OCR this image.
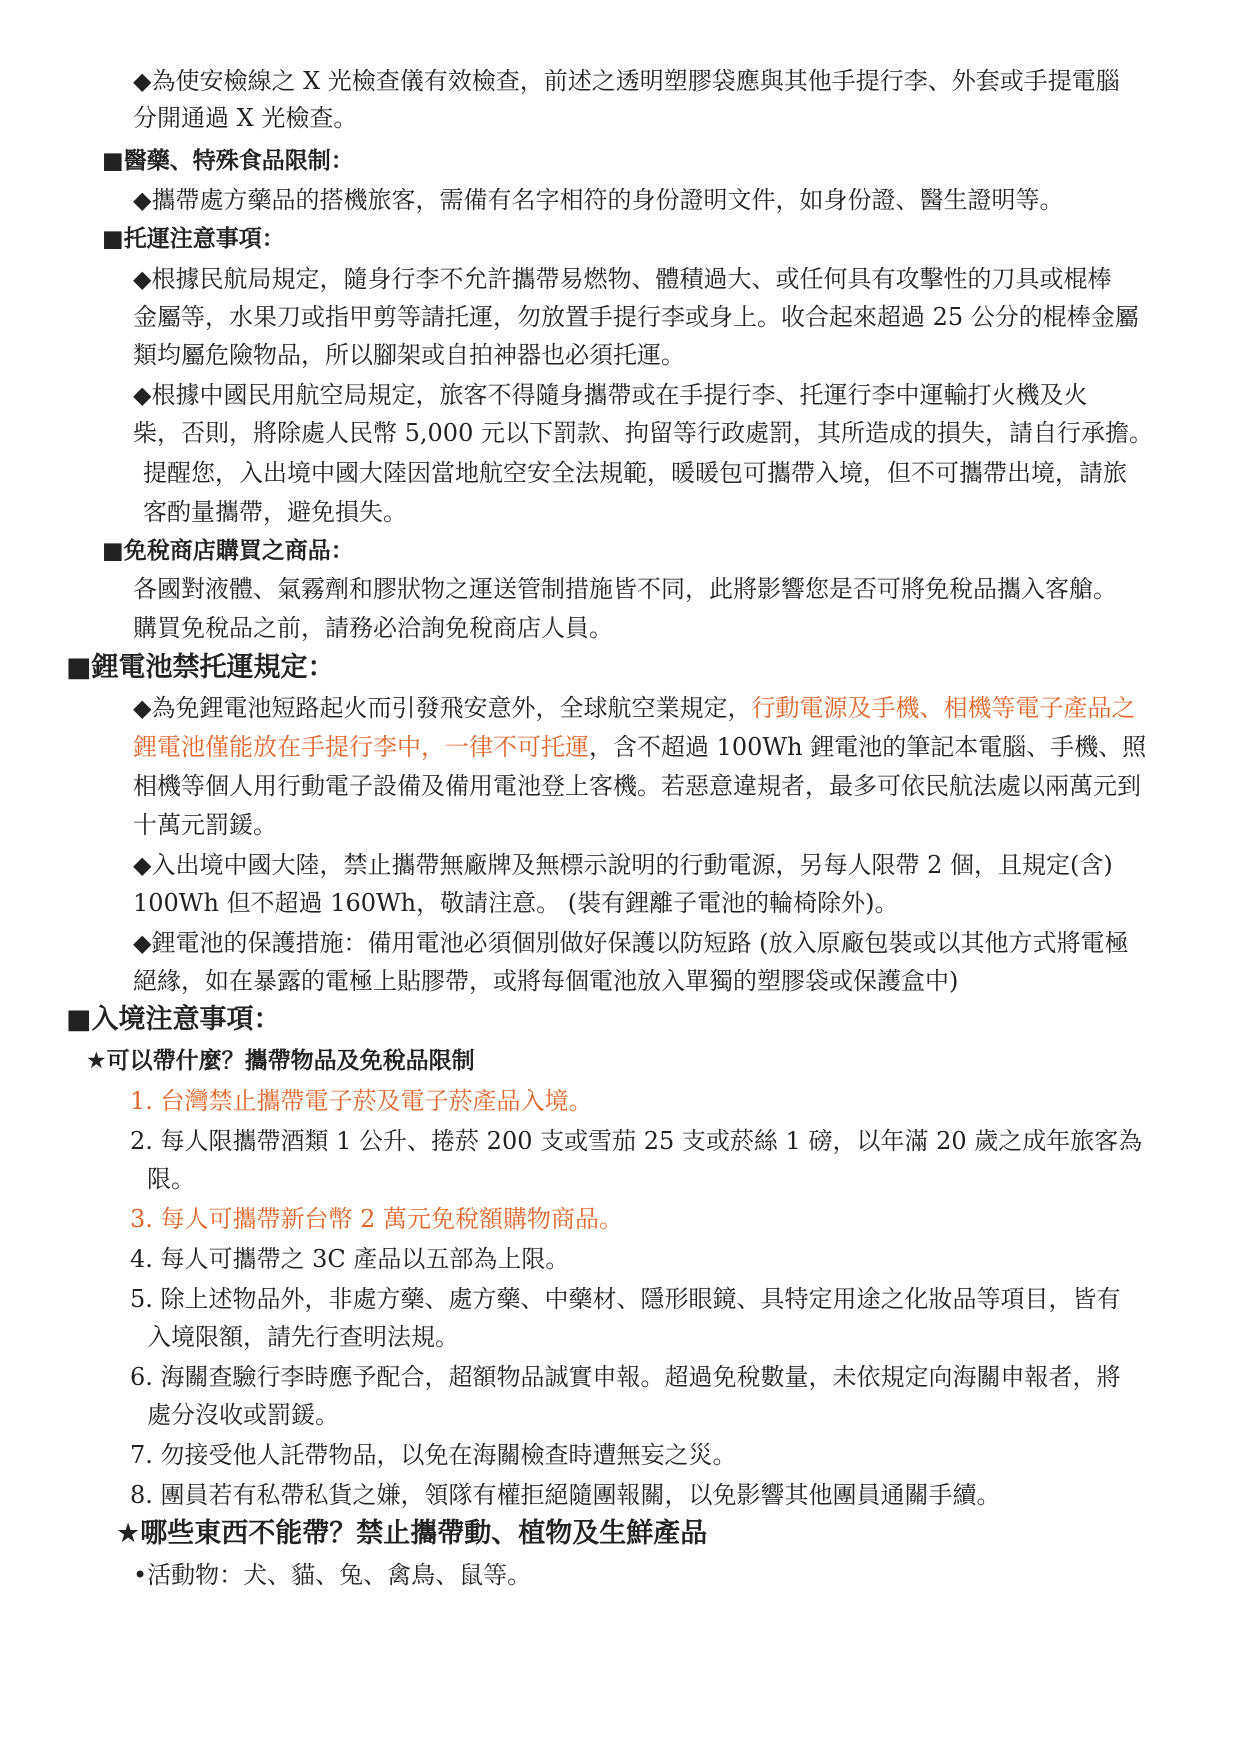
◆為使安檢線之 X 光檢查儀有效檢查，前述之透明塑膠袋應與其他手提行李、外套或手提電腦
分開通過 X 光檢查。
■醫藥、特殊食品限制：
◆攜帶處方藥品的搭機旅客，需備有名字相符的身份證明文件，如身份證、醫生證明等。
■托運注意事項：
◆根據民航局規定，隨身行李不允許攜帶易燃物、體積過大、或任何具有攻擊性的刀具或棍棒
金屬等，水果刀或指甲剪等請托運，勿放置手提行李或身上。收合起來超過 25 公分的棍棒金屬
類均屬危險物品，所以腳架或自拍神器也必須托運。
◆根據中國民用航空局規定，旅客不得隨身攜帶或在手提行李、托運行李中運輸打火機及火
柴，否則，將除處人民幣 5,000 元以下罰款、拘留等行政處罰，其所造成的損失，請自行承擔。
提醒您，入出境中國大陸因當地航空安全法規範，暖暖包可攜帶入境，但不可攜帶出境，請旅
客酌量攜帶，避免損失。
■免稅商店購買之商品：
各國對液體、氣霧劑和膠狀物之運送管制措施皆不同，此將影響您是否可將免稅品攜入客艙。
購買免稅品之前，請務必洽詢免稅商店人員。
■鋰電池禁托運規定：
◆為免鋰電池短路起火而引發飛安意外，全球航空業規定，行動電源及手機、相機等電子產品之
鋰電池僅能放在手提行李中，一律不可托運，含不超過 100Wh 鋰電池的筆記本電腦、手機、照
相機等個人用行動電子設備及備用電池登上客機。若惡意違規者，最多可依民航法處以兩萬元到
十萬元罰鍰。
◆入出境中國大陸，禁止攜帶無廠牌及無標示說明的行動電源，另每人限帶 2 個，且規定(含)
100Wh 但不超過 160Wh，敬請注意。 (裝有鋰離子電池的輪椅除外)。
◆鋰電池的保護措施：備用電池必須個別做好保護以防短路 (放入原廠包裝或以其他方式將電極
絕緣，如在暴露的電極上貼膠帶，或將每個電池放入單獨的塑膠袋或保護盒中)
■入境注意事項：
★可以帶什麼？攜帶物品及免稅品限制
1. 台灣禁止攜帶電子菸及電子菸產品入境。
2. 每人限攜帶酒類 1 公升、捲菸 200 支或雪茄 25 支或菸絲 1 磅，以年滿 20 歲之成年旅客為
限。
3. 每人可攜帶新台幣 2 萬元免稅額購物商品。
4. 每人可攜帶之 3C 產品以五部為上限。
5. 除上述物品外，非處方藥、處方藥、中藥材、隱形眼鏡、具特定用途之化妝品等項目，皆有
入境限額，請先行查明法規。
6. 海關查驗行李時應予配合，超額物品誠實申報。超過免稅數量，未依規定向海關申報者，將
處分沒收或罰鍰。
7. 勿接受他人託帶物品，以免在海關檢查時遭無妄之災。
8. 團員若有私帶私貨之嫌，領隊有權拒絕隨團報關，以免影響其他團員通關手續。
★哪些東西不能帶？禁止攜帶動、植物及生鮮產品
•活動物：犬、貓、兔、禽鳥、鼠等。
